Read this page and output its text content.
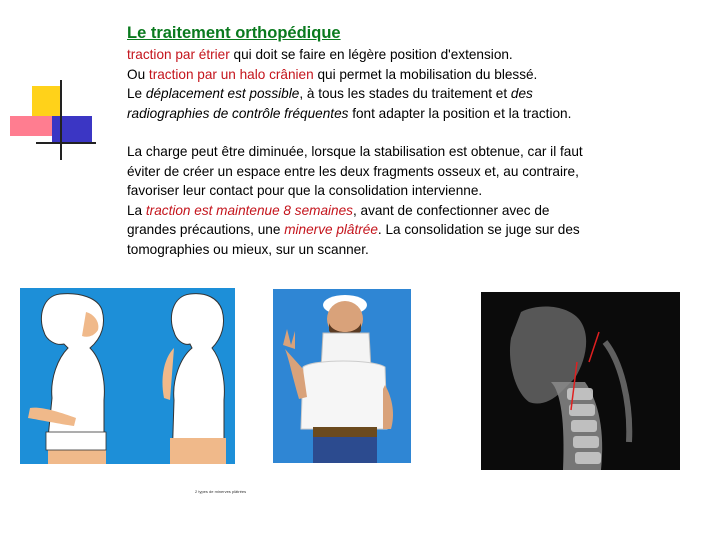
Le traitement orthopédique
traction par étrier qui doit se faire en légère position d'extension.
Ou traction par un halo crânien qui permet la mobilisation du blessé.
Le déplacement est possible, à tous les stades du traitement et des
radiographies de contrôle fréquentes font adapter la position et la traction.
La charge peut être diminuée, lorsque la stabilisation est obtenue, car il faut
éviter de créer un espace entre les deux fragments osseux et, au contraire,
favoriser leur contact pour que la consolidation intervienne.
La traction est maintenue 8 semaines, avant de confectionner avec de
grandes précautions, une minerve plâtrée. La consolidation se juge sur des
tomographies ou mieux, sur un scanner.
2 types de minerves plâtrées
